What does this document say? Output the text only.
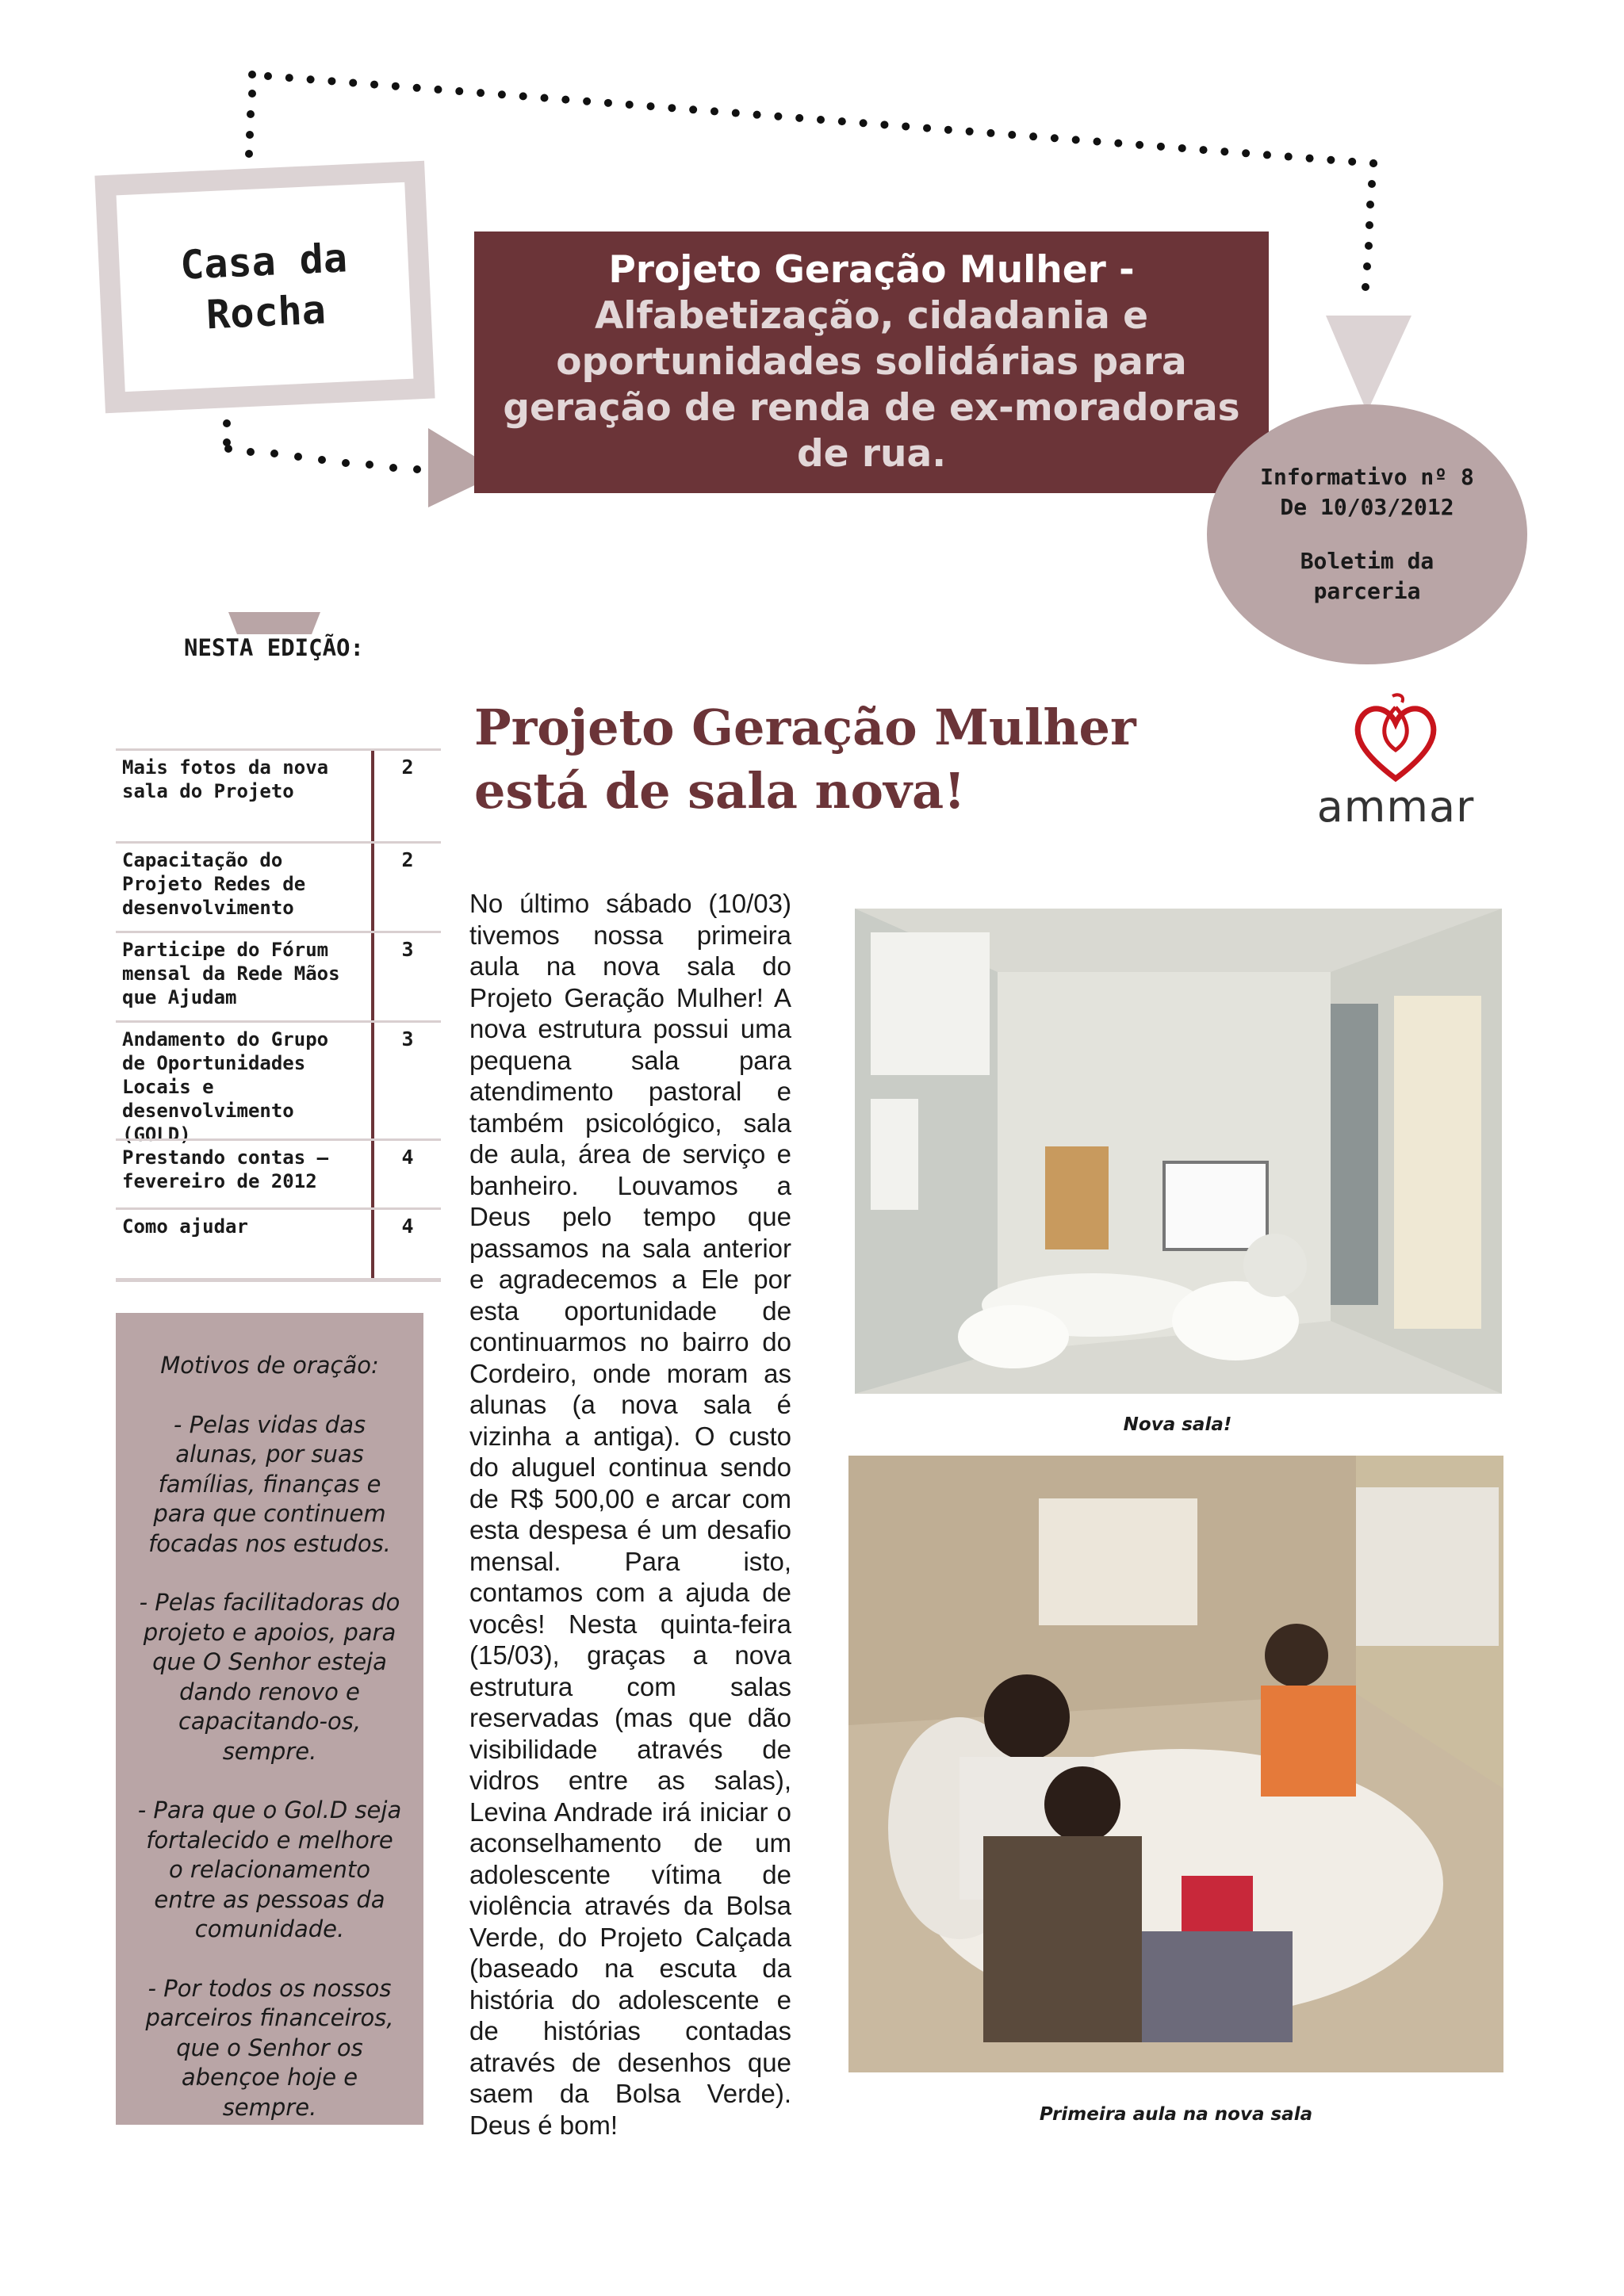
Casa da
Rocha
Projeto Geração Mulher -
Alfabetização, cidadania e oportunidades solidárias para geração de renda de ex-moradoras de rua.
Informativo nº 8
De 10/03/2012
Boletim da parceria
NESTA EDIÇÃO:
Mais fotos da nova sala do Projeto
2
Capacitação do Projeto Redes de desenvolvimento
2
Participe do Fórum mensal da Rede Mãos que Ajudam
3
Andamento do Grupo de Oportunidades Locais e desenvolvimento (GOLD)
3
Prestando contas — fevereiro de 2012
4
Como ajudar	4

Motivos de oração:

- Pelas vidas das alunas, por suas famílias, finanças e para que continuem focadas nos estudos.

- Pelas facilitadoras do projeto e apoios, para que O Senhor esteja dando renovo e capacitando-os, sempre.

- Para que o Gol.D seja fortalecido e melhore o relacionamento entre as pessoas da comunidade.

- Por todos os nossos parceiros financeiros, que o Senhor os abençoe hoje e sempre.

Projeto Geração Mulher está de sala nova!	ammar
No último sábado (10/03) tivemos nossa primeira aula na nova sala do Projeto Geração Mulher! A nova estrutura possui uma pequena sala para atendimento pastoral e também psicológico, sala de aula, área de serviço e banheiro. Louvamos a Deus pelo tempo que passamos na sala anterior e agradecemos a Ele por esta oportunidade de continuarmos no bairro do Cordeiro, onde moram as alunas (a nova sala é vizinha a antiga). O custo do aluguel continua sendo de R$ 500,00 e arcar com esta despesa é um desafio mensal. Para isto, contamos com a ajuda de vocês! Nesta quinta-feira (15/03), graças a nova estrutura com salas reservadas (mas que dão visibilidade através de vidros entre as salas), Levina Andrade irá iniciar o aconselhamento de um adolescente vítima de violência através da Bolsa Verde, do Projeto Calçada (baseado na escuta da história do adolescente e de histórias contadas através de desenhos que saem da Bolsa Verde). Deus é bom!
Nova sala!
Primeira aula na nova sala
